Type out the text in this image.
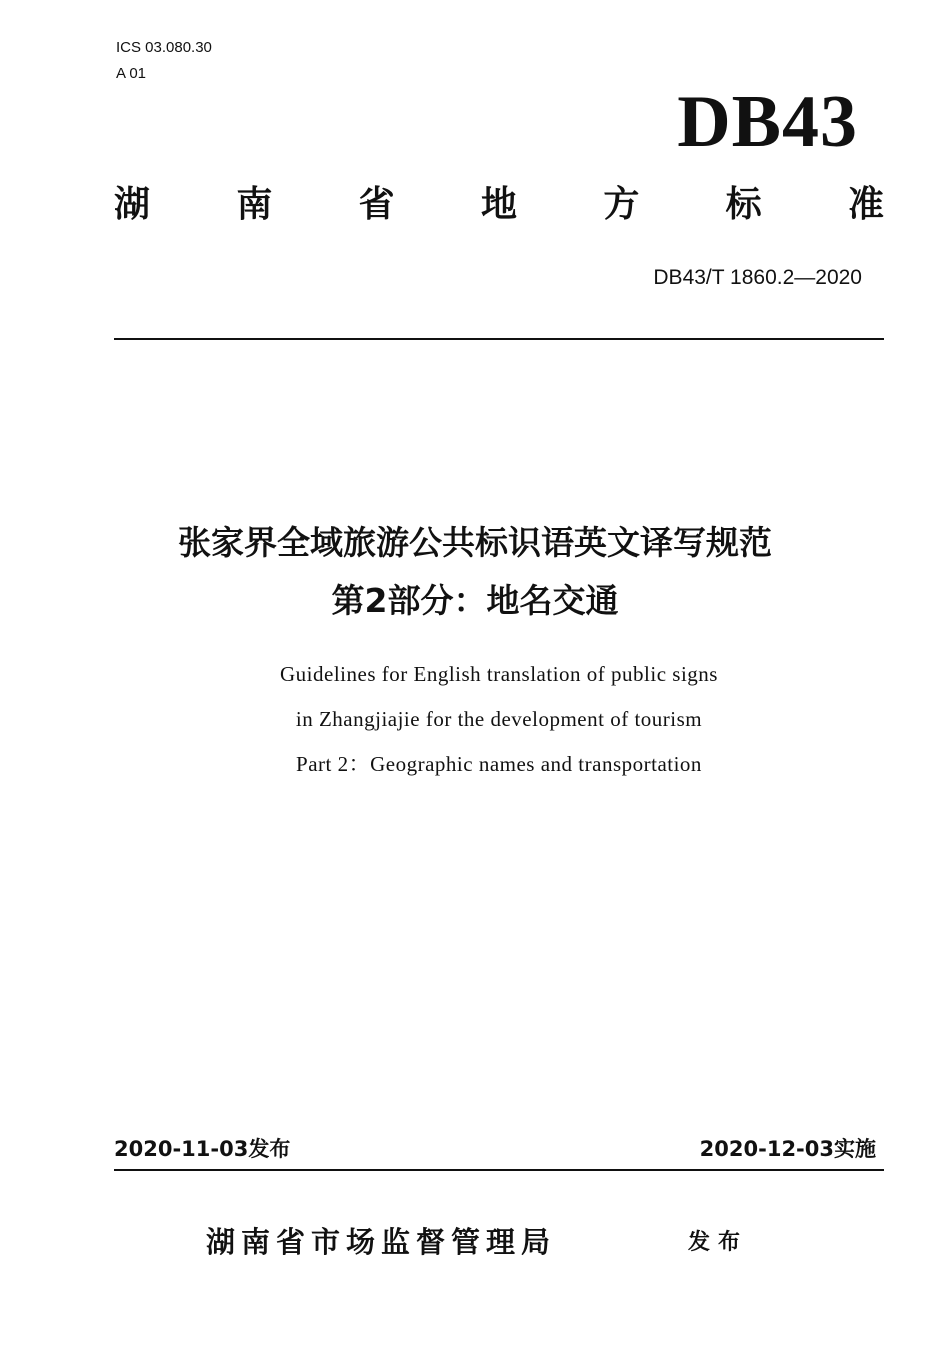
ICS 03.080.30
A 01
DB43
湖 南 省 地 方 标 准
DB43/T 1860.2—2020
张家界全域旅游公共标识语英文译写规范
第2部分：地名交通
Guidelines for English translation of public signs
in Zhangjiajie for the development of tourism
Part 2：Geographic names and transportation
2020-11-03发布	2020-12-03实施
湖南省市场监督管理局	发布
